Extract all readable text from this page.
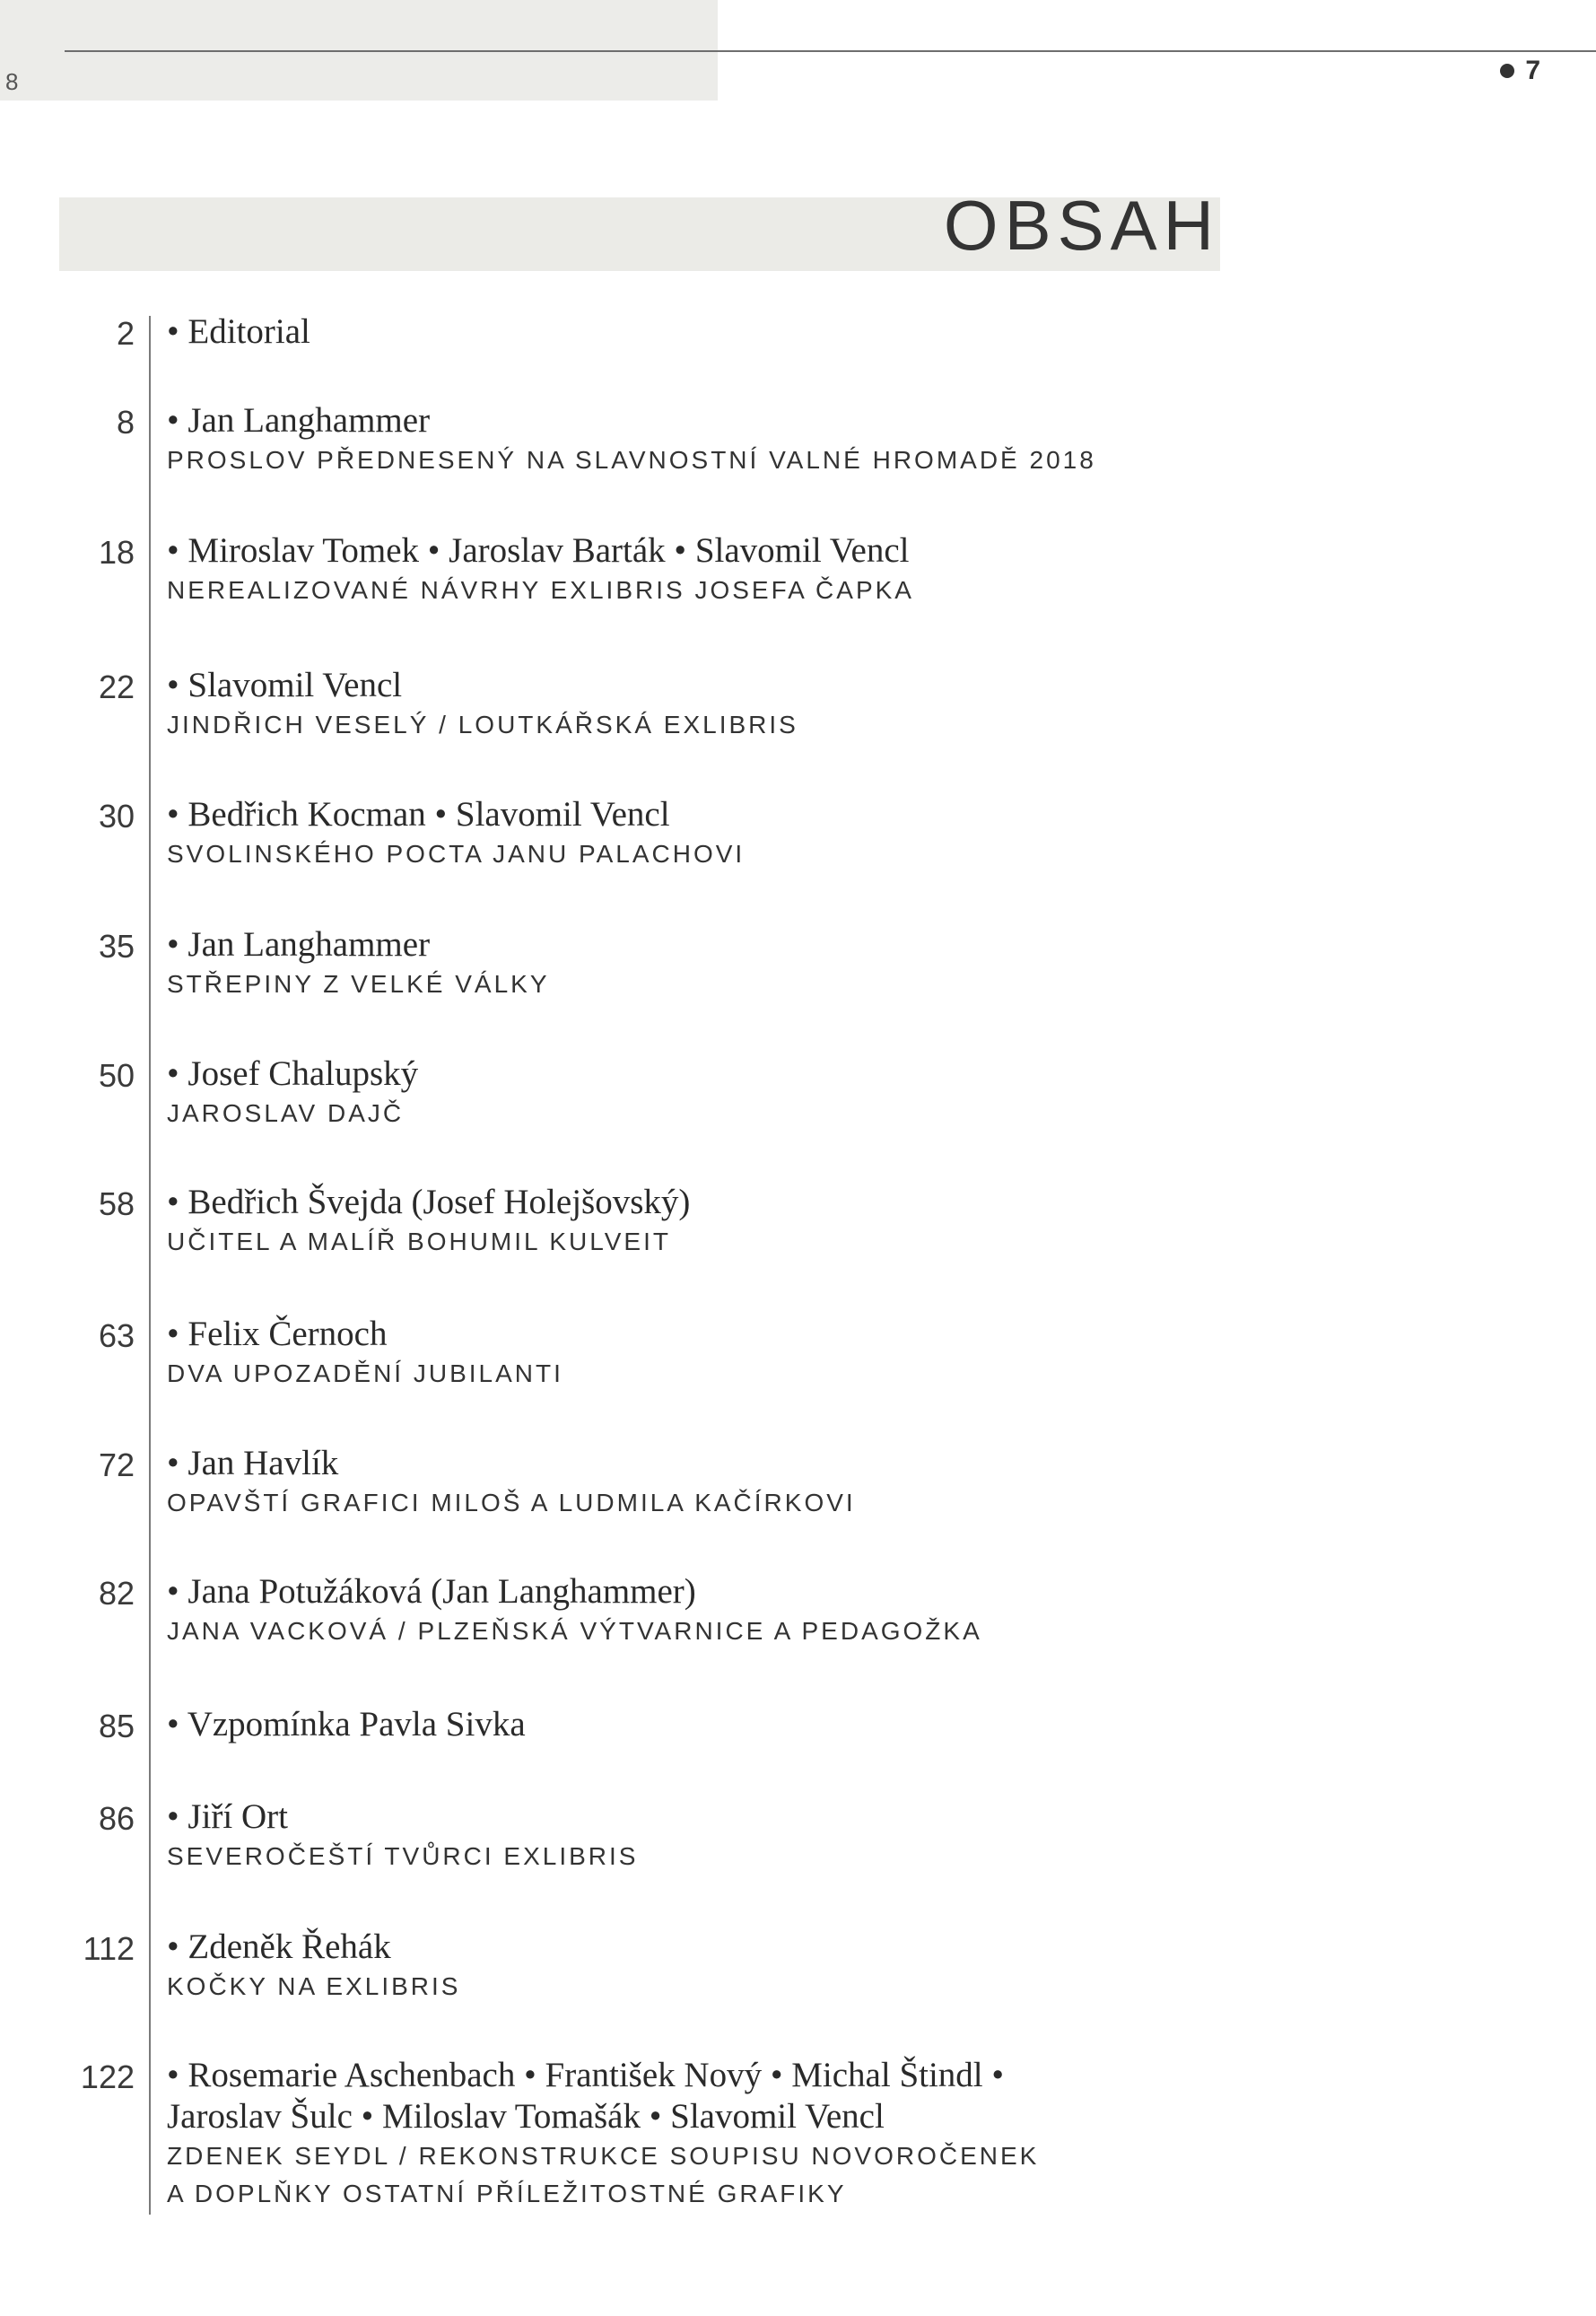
8	7
OBSAH
2 • Editorial
8 • Jan Langhammer
PROSLOV PŘEDNESENÝ NA SLAVNOSTNÍ VALNÉ HROMADĚ 2018
18 • Miroslav Tomek • Jaroslav Barták • Slavomil Vencl
NEREALIZOVANÉ NÁVRHY EXLIBRIS JOSEFA ČAPKA
22 • Slavomil Vencl
JINDŘICH VESELÝ / LOUTKÁŘSKÁ EXLIBRIS
30 • Bedřich Kocman • Slavomil Vencl
SVOLINSKÉHO POCTA JANU PALACHOVI
35 • Jan Langhammer
STŘEPINY Z VELKÉ VÁLKY
50 • Josef Chalupský
JAROSLAV DAJČ
58 • Bedřich Švejda (Josef Holejšovský)
UČITEL A MALÍŘ BOHUMIL KULVEIT
63 • Felix Černoch
DVA UPOZADĚNÍ JUBILANTI
72 • Jan Havlík
OPAVŠTÍ GRAFICI MILOŠ A LUDMILA KAČÍRKOVI
82 • Jana Potužáková (Jan Langhammer)
JANA VACKOVÁ / PLZEŇSKÁ VÝTVARNICE A PEDAGOŽKA
85 • Vzpomínka Pavla Sivka
86 • Jiří Ort
SEVEROČEŠTÍ TVŮRCI EXLIBRIS
112 • Zdeněk Řehák
KOČKY NA EXLIBRIS
122 • Rosemarie Aschenbach • František Nový • Michal Štindl •
Jaroslav Šulc • Miloslav Tomašák • Slavomil Vencl
ZDENEK SEYDL / REKONSTRUKCE SOUPISU NOVOROČENEK
A DOPLŇKY OSTATNÍ PŘÍLEŽITOSTNÉ GRAFIKY
